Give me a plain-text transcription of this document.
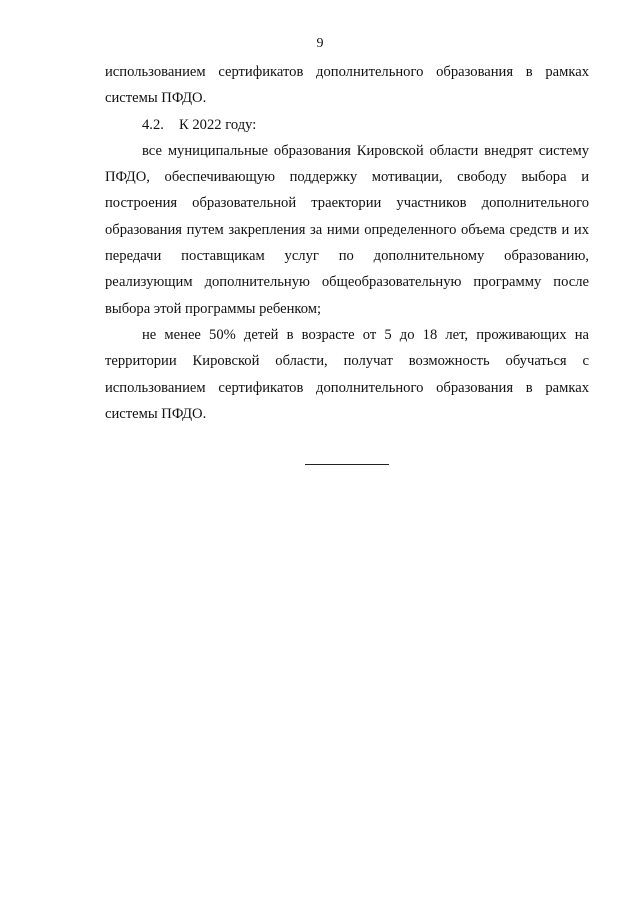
9

использованием сертификатов дополнительного образования в рамках системы ПФДО.

4.2. К 2022 году:

все муниципальные образования Кировской области внедрят систему ПФДО, обеспечивающую поддержку мотивации, свободу выбора и построения образовательной траектории участников дополнительного образования путем закрепления за ними определенного объема средств и их передачи поставщикам услуг по дополнительному образованию, реализующим дополнительную общеобразовательную программу после выбора этой программы ребенком;

не менее 50% детей в возрасте от 5 до 18 лет, проживающих на территории Кировской области, получат возможность обучаться с использованием сертификатов дополнительного образования в рамках системы ПФДО.
